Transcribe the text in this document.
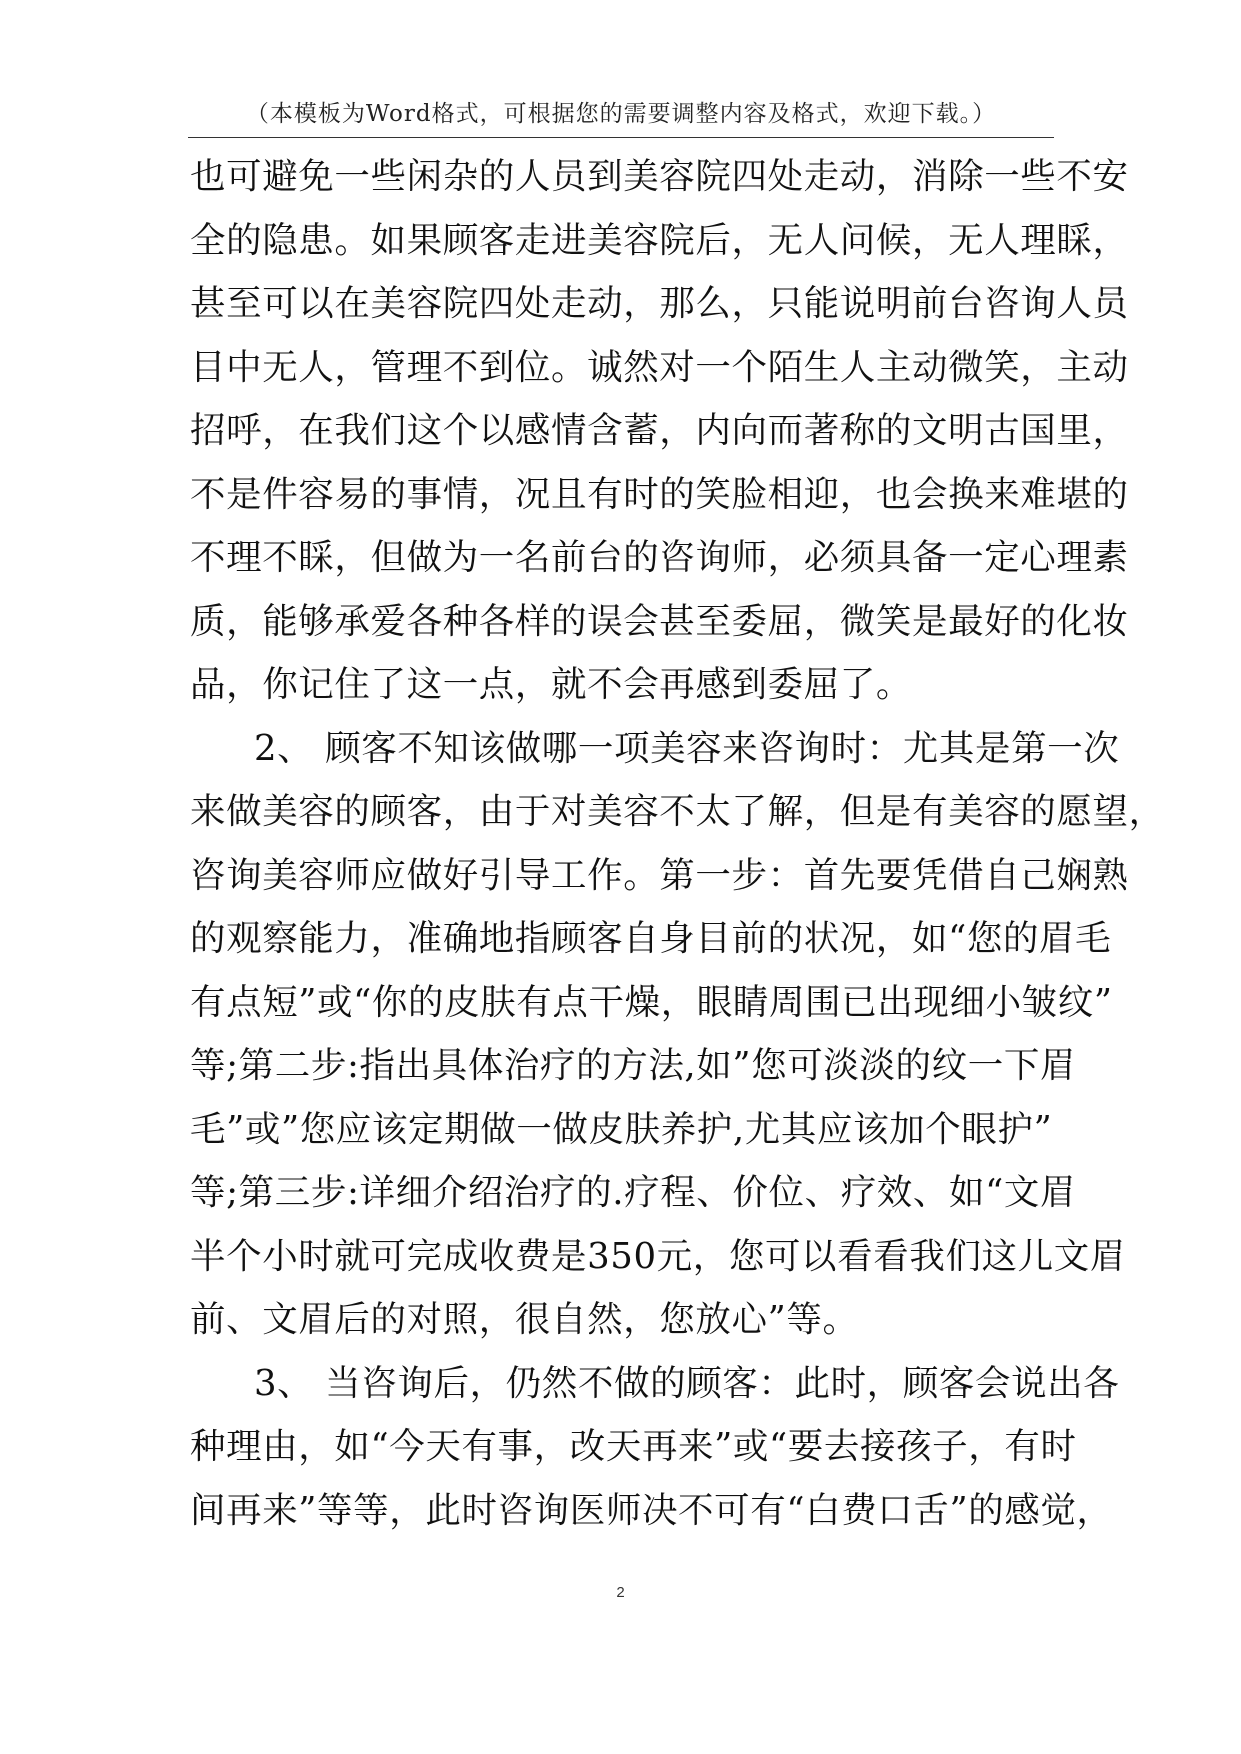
（本模板为Word格式，可根据您的需要调整内容及格式，欢迎下载。）
也可避免一些闲杂的人员到美容院四处走动，消除一些不安
全的隐患。如果顾客走进美容院后，无人问候，无人理睬，
甚至可以在美容院四处走动，那么，只能说明前台咨询人员
目中无人，管理不到位。诚然对一个陌生人主动微笑，主动
招呼，在我们这个以感情含蓄，内向而著称的文明古国里，
不是件容易的事情，况且有时的笑脸相迎，也会换来难堪的
不理不睬，但做为一名前台的咨询师，必须具备一定心理素
质，能够承爱各种各样的误会甚至委屈，微笑是最好的化妆
品，你记住了这一点，就不会再感到委屈了。
2、 顾客不知该做哪一项美容来咨询时：尤其是第一次
来做美容的顾客，由于对美容不太了解，但是有美容的愿望，
咨询美容师应做好引导工作。第一步：首先要凭借自己娴熟
的观察能力，准确地指顾客自身目前的状况，如“您的眉毛
有点短”或“你的皮肤有点干燥，眼睛周围已出现细小皱纹”
等;第二步:指出具体治疗的方法,如”您可淡淡的纹一下眉
毛”或”您应该定期做一做皮肤养护,尤其应该加个眼护”
等;第三步:详细介绍治疗的.疗程、价位、疗效、如“文眉
半个小时就可完成收费是350元，您可以看看我们这儿文眉
前、文眉后的对照，很自然，您放心”等。
3、 当咨询后，仍然不做的顾客：此时，顾客会说出各
种理由，如“今天有事，改天再来”或“要去接孩子，有时
间再来”等等，此时咨询医师决不可有“白费口舌”的感觉，
2
